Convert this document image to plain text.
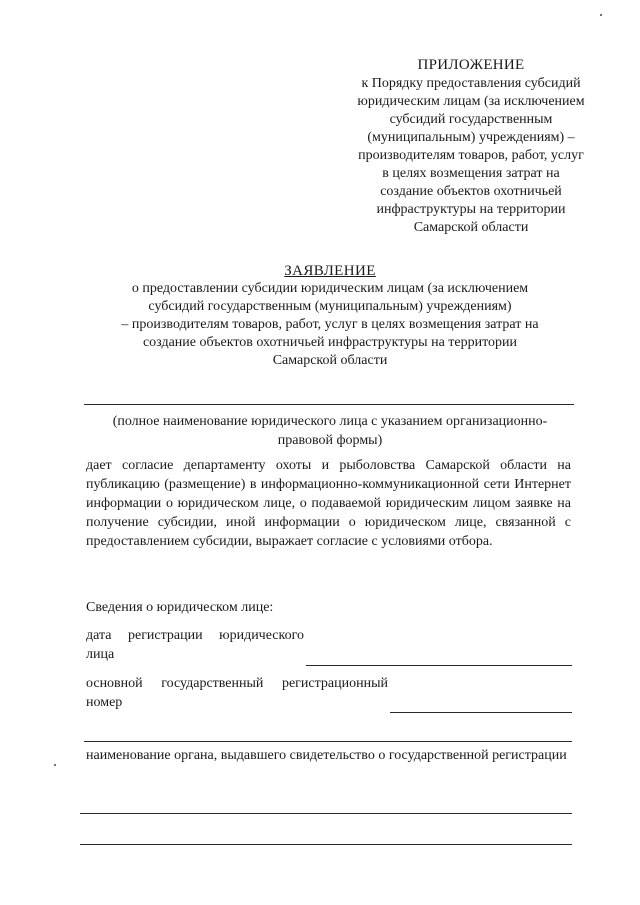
ПРИЛОЖЕНИЕ
к Порядку предоставления субсидий
юридическим лицам (за исключением
субсидий государственным
(муниципальным) учреждениям) –
производителям товаров, работ, услуг
в целях возмещения затрат на
создание объектов охотничьей
инфраструктуры на территории
Самарской области
ЗАЯВЛЕНИЕ
о предоставлении субсидии юридическим лицам (за исключением
субсидий государственным (муниципальным) учреждениям)
– производителям товаров, работ, услуг в целях возмещения затрат на
создание объектов охотничьей инфраструктуры на территории
Самарской области
(полное наименование юридического лица с указанием организационно-
правовой формы)
дает согласие департаменту охоты и рыболовства Самарской области на публикацию (размещение) в информационно-коммуникационной сети Интернет информации о юридическом лице, о подаваемой юридическим лицом заявке на получение субсидии, иной информации о юридическом лице, связанной с предоставлением субсидии, выражает согласие с условиями отбора.
Сведения о юридическом лице:
дата регистрации юридического
лица
основной государственный регистрационный
номер
наименование органа, выдавшего свидетельство о государственной регистрации
